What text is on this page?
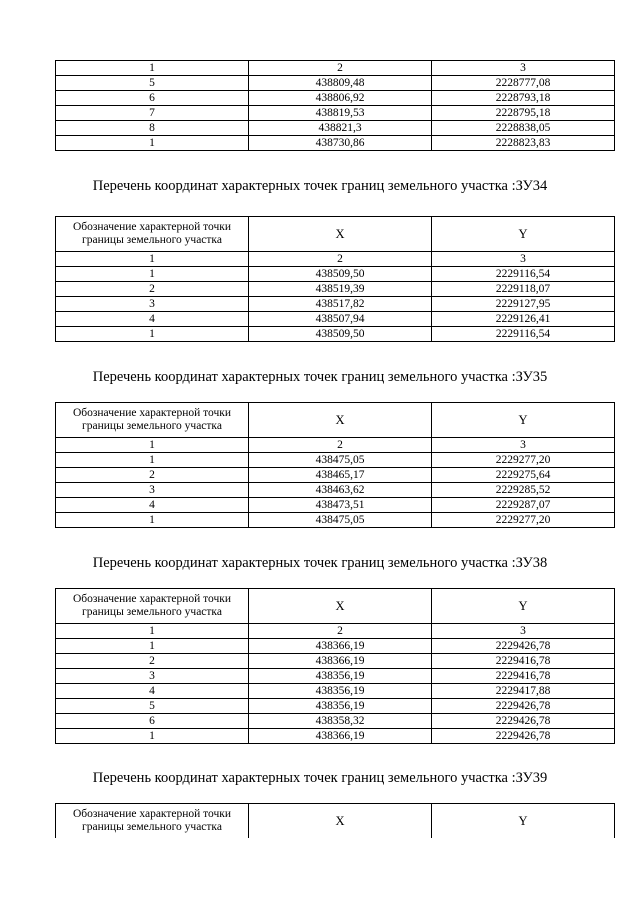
1	2	3
5	438809,48	2228777,08
6	438806,92	2228793,18
7	438819,53	2228795,18
8	438821,3	2228838,05
1	438730,86	2228823,83
Перечень координат характерных точек границ земельного участка :ЗУ34
Обозначение характерной точки границы земельного участка	X	Y
1	2	3
1	438509,50	2229116,54
2	438519,39	2229118,07
3	438517,82	2229127,95
4	438507,94	2229126,41
1	438509,50	2229116,54
Перечень координат характерных точек границ земельного участка :ЗУ35
Обозначение характерной точки границы земельного участка	X	Y
1	2	3
1	438475,05	2229277,20
2	438465,17	2229275,64
3	438463,62	2229285,52
4	438473,51	2229287,07
1	438475,05	2229277,20
Перечень координат характерных точек границ земельного участка :ЗУ38
Обозначение характерной точки границы земельного участка	X	Y
1	2	3
1	438366,19	2229426,78
2	438366,19	2229416,78
3	438356,19	2229416,78
4	438356,19	2229417,88
5	438356,19	2229426,78
6	438358,32	2229426,78
1	438366,19	2229426,78
Перечень координат характерных точек границ земельного участка :ЗУ39
Обозначение характерной точки границы земельного участка	X	Y
